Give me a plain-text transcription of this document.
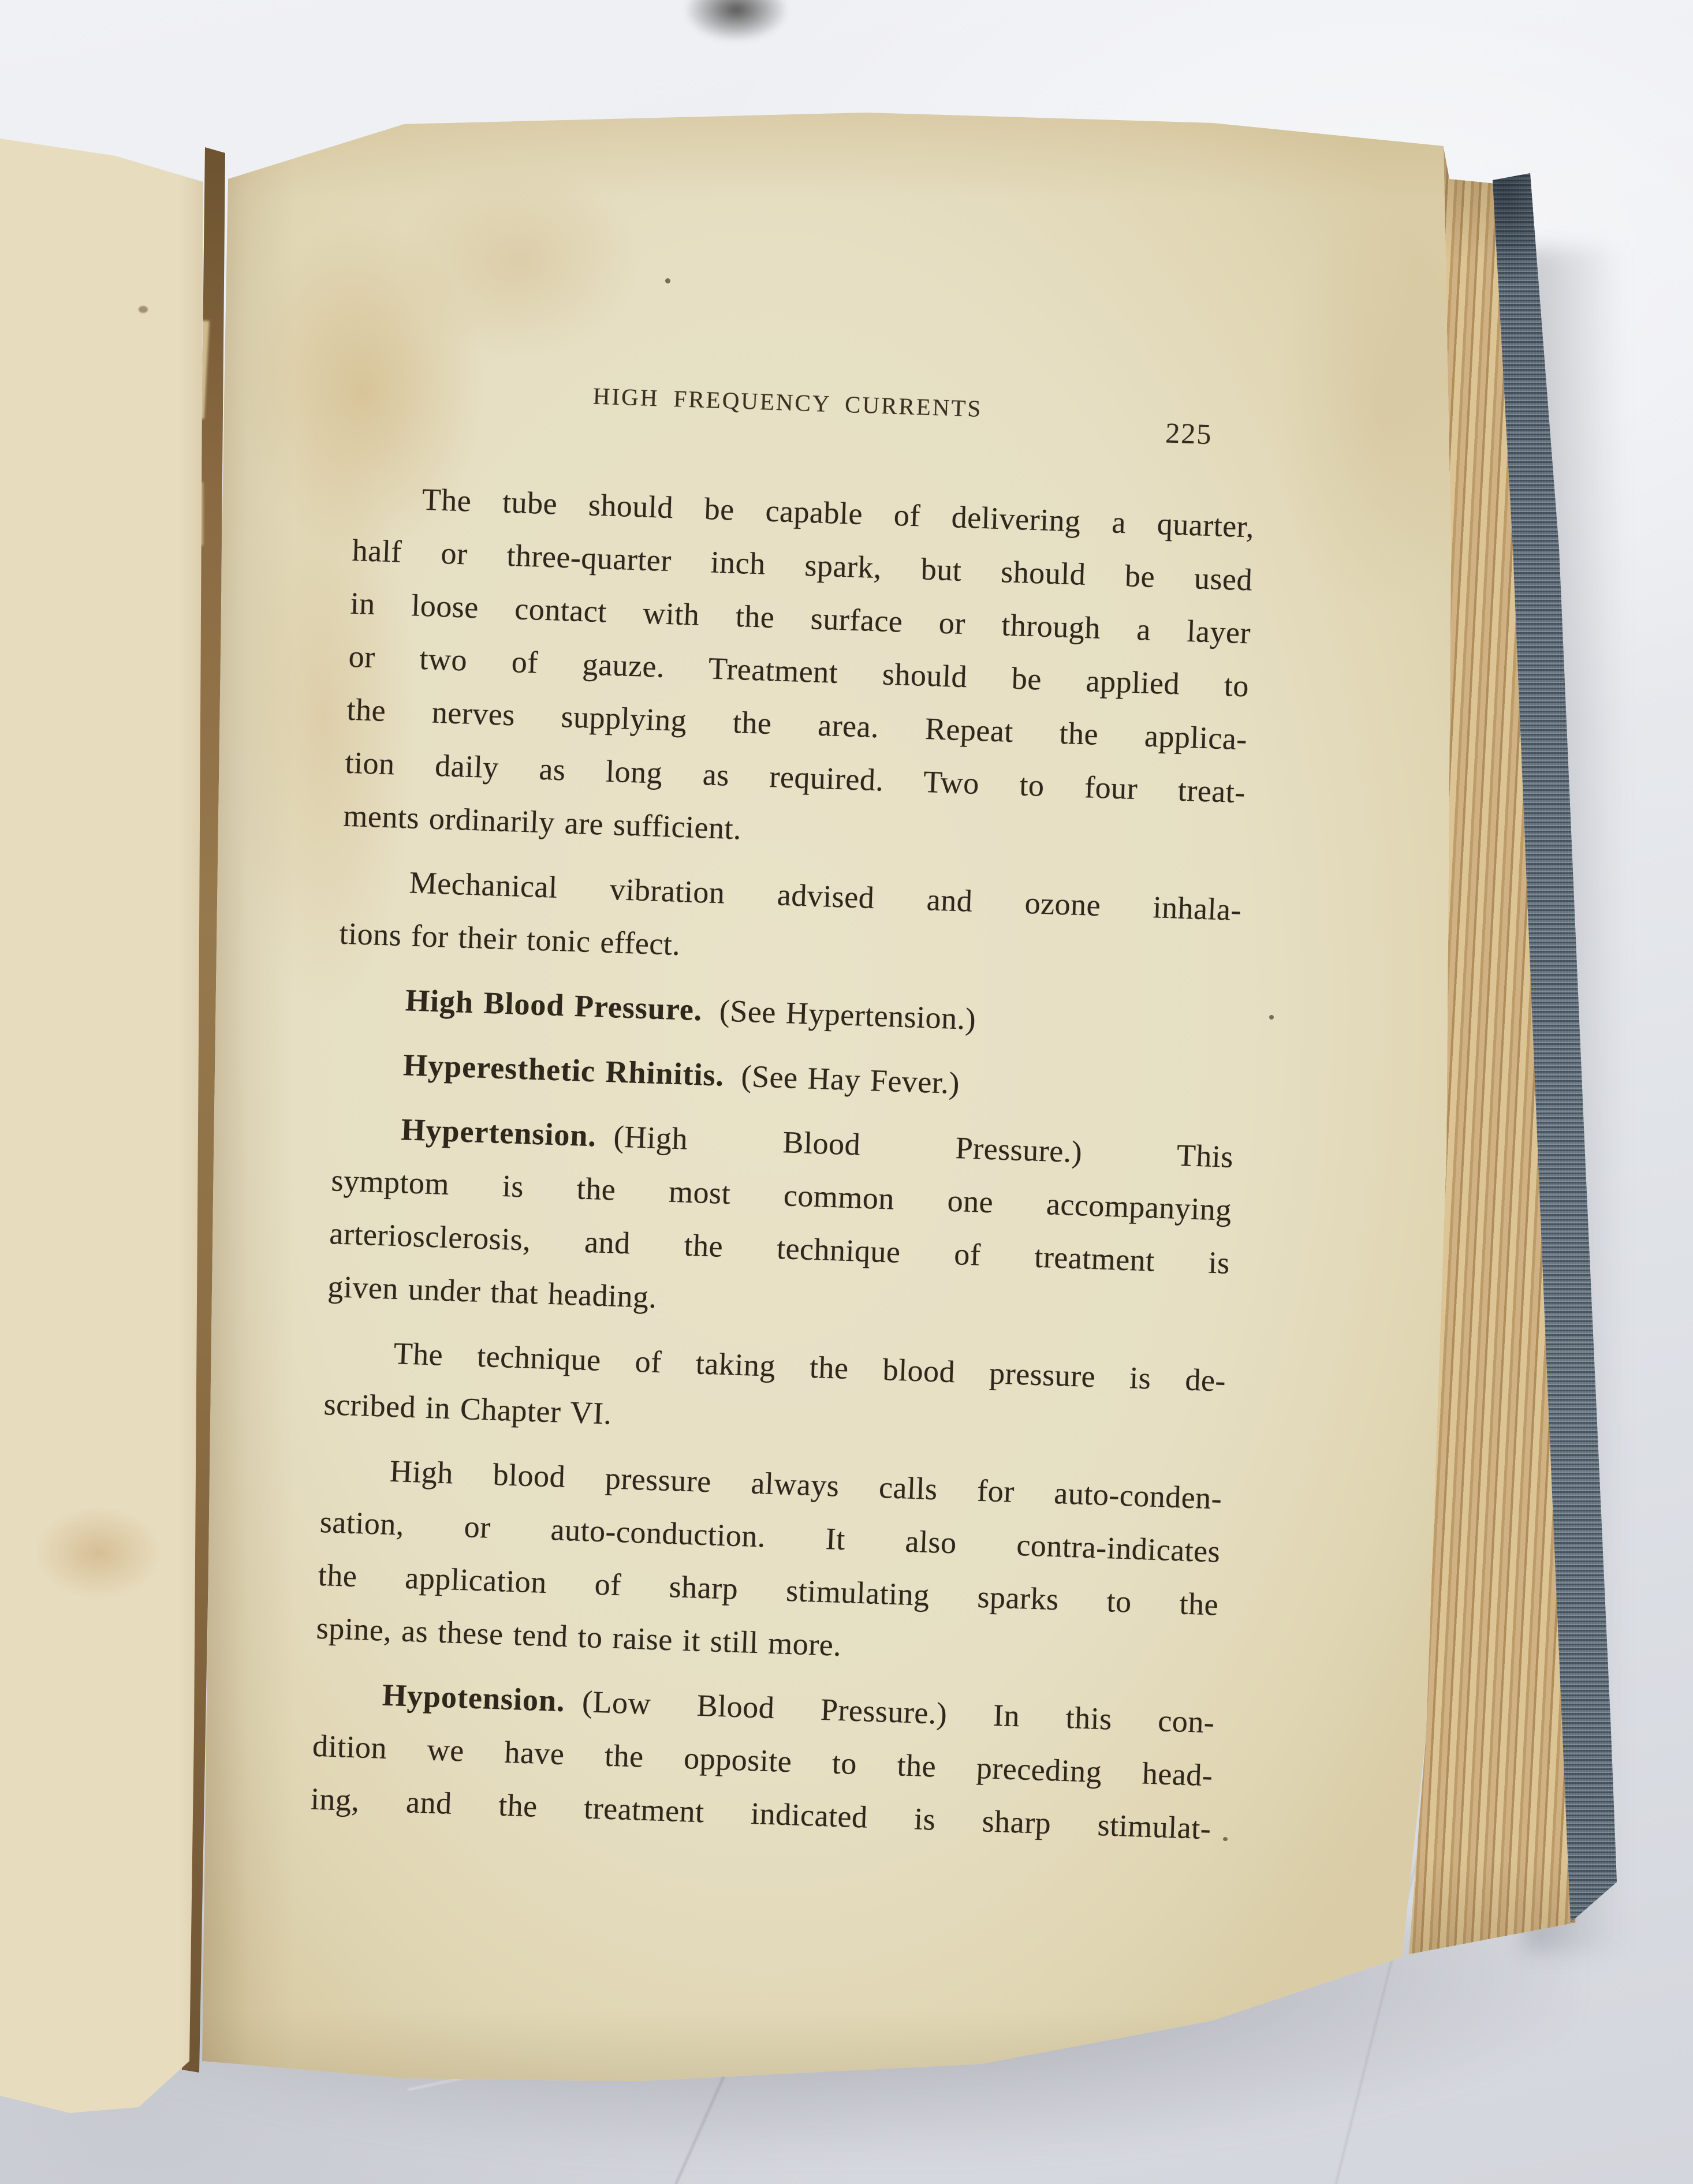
HIGH FREQUENCY CURRENTS
225
The tube should be capable of delivering a quarter,
half or three-quarter inch spark, but should be used
in loose contact with the surface or through a layer
or two of gauze. Treatment should be applied to
the nerves supplying the area. Repeat the applica-
tion daily as long as required. Two to four treat-
ments ordinarily are sufficient.
Mechanical vibration advised and ozone inhala-
tions for their tonic effect.
High Blood Pressure. (See Hypertension.)
Hyperesthetic Rhinitis. (See Hay Fever.)
Hypertension. (High Blood Pressure.) This
symptom is the most common one accompanying
arteriosclerosis, and the technique of treatment is
given under that heading.
The technique of taking the blood pressure is de-
scribed in Chapter VI.
High blood pressure always calls for auto-conden-
sation, or auto-conduction. It also contra-indicates
the application of sharp stimulating sparks to the
spine, as these tend to raise it still more.
Hypotension. (Low Blood Pressure.) In this con-
dition we have the opposite to the preceding head-
ing, and the treatment indicated is sharp stimulat-
